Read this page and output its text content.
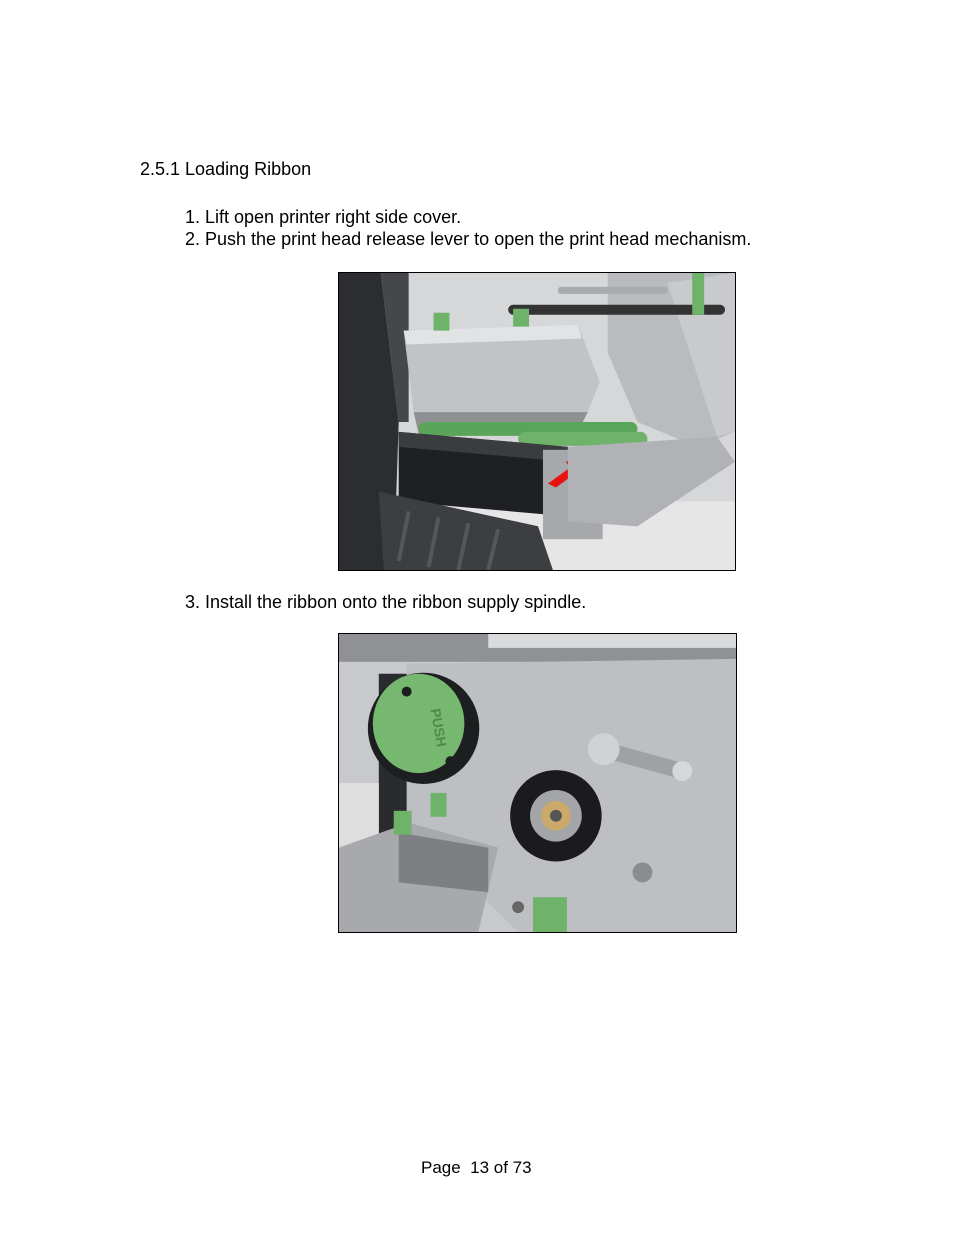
2.5.1 Loading Ribbon
1. Lift open printer right side cover.
2. Push the print head release lever to open the print head mechanism.
3. Install the ribbon onto the ribbon supply spindle.
PUSH
Page  13 of 73
